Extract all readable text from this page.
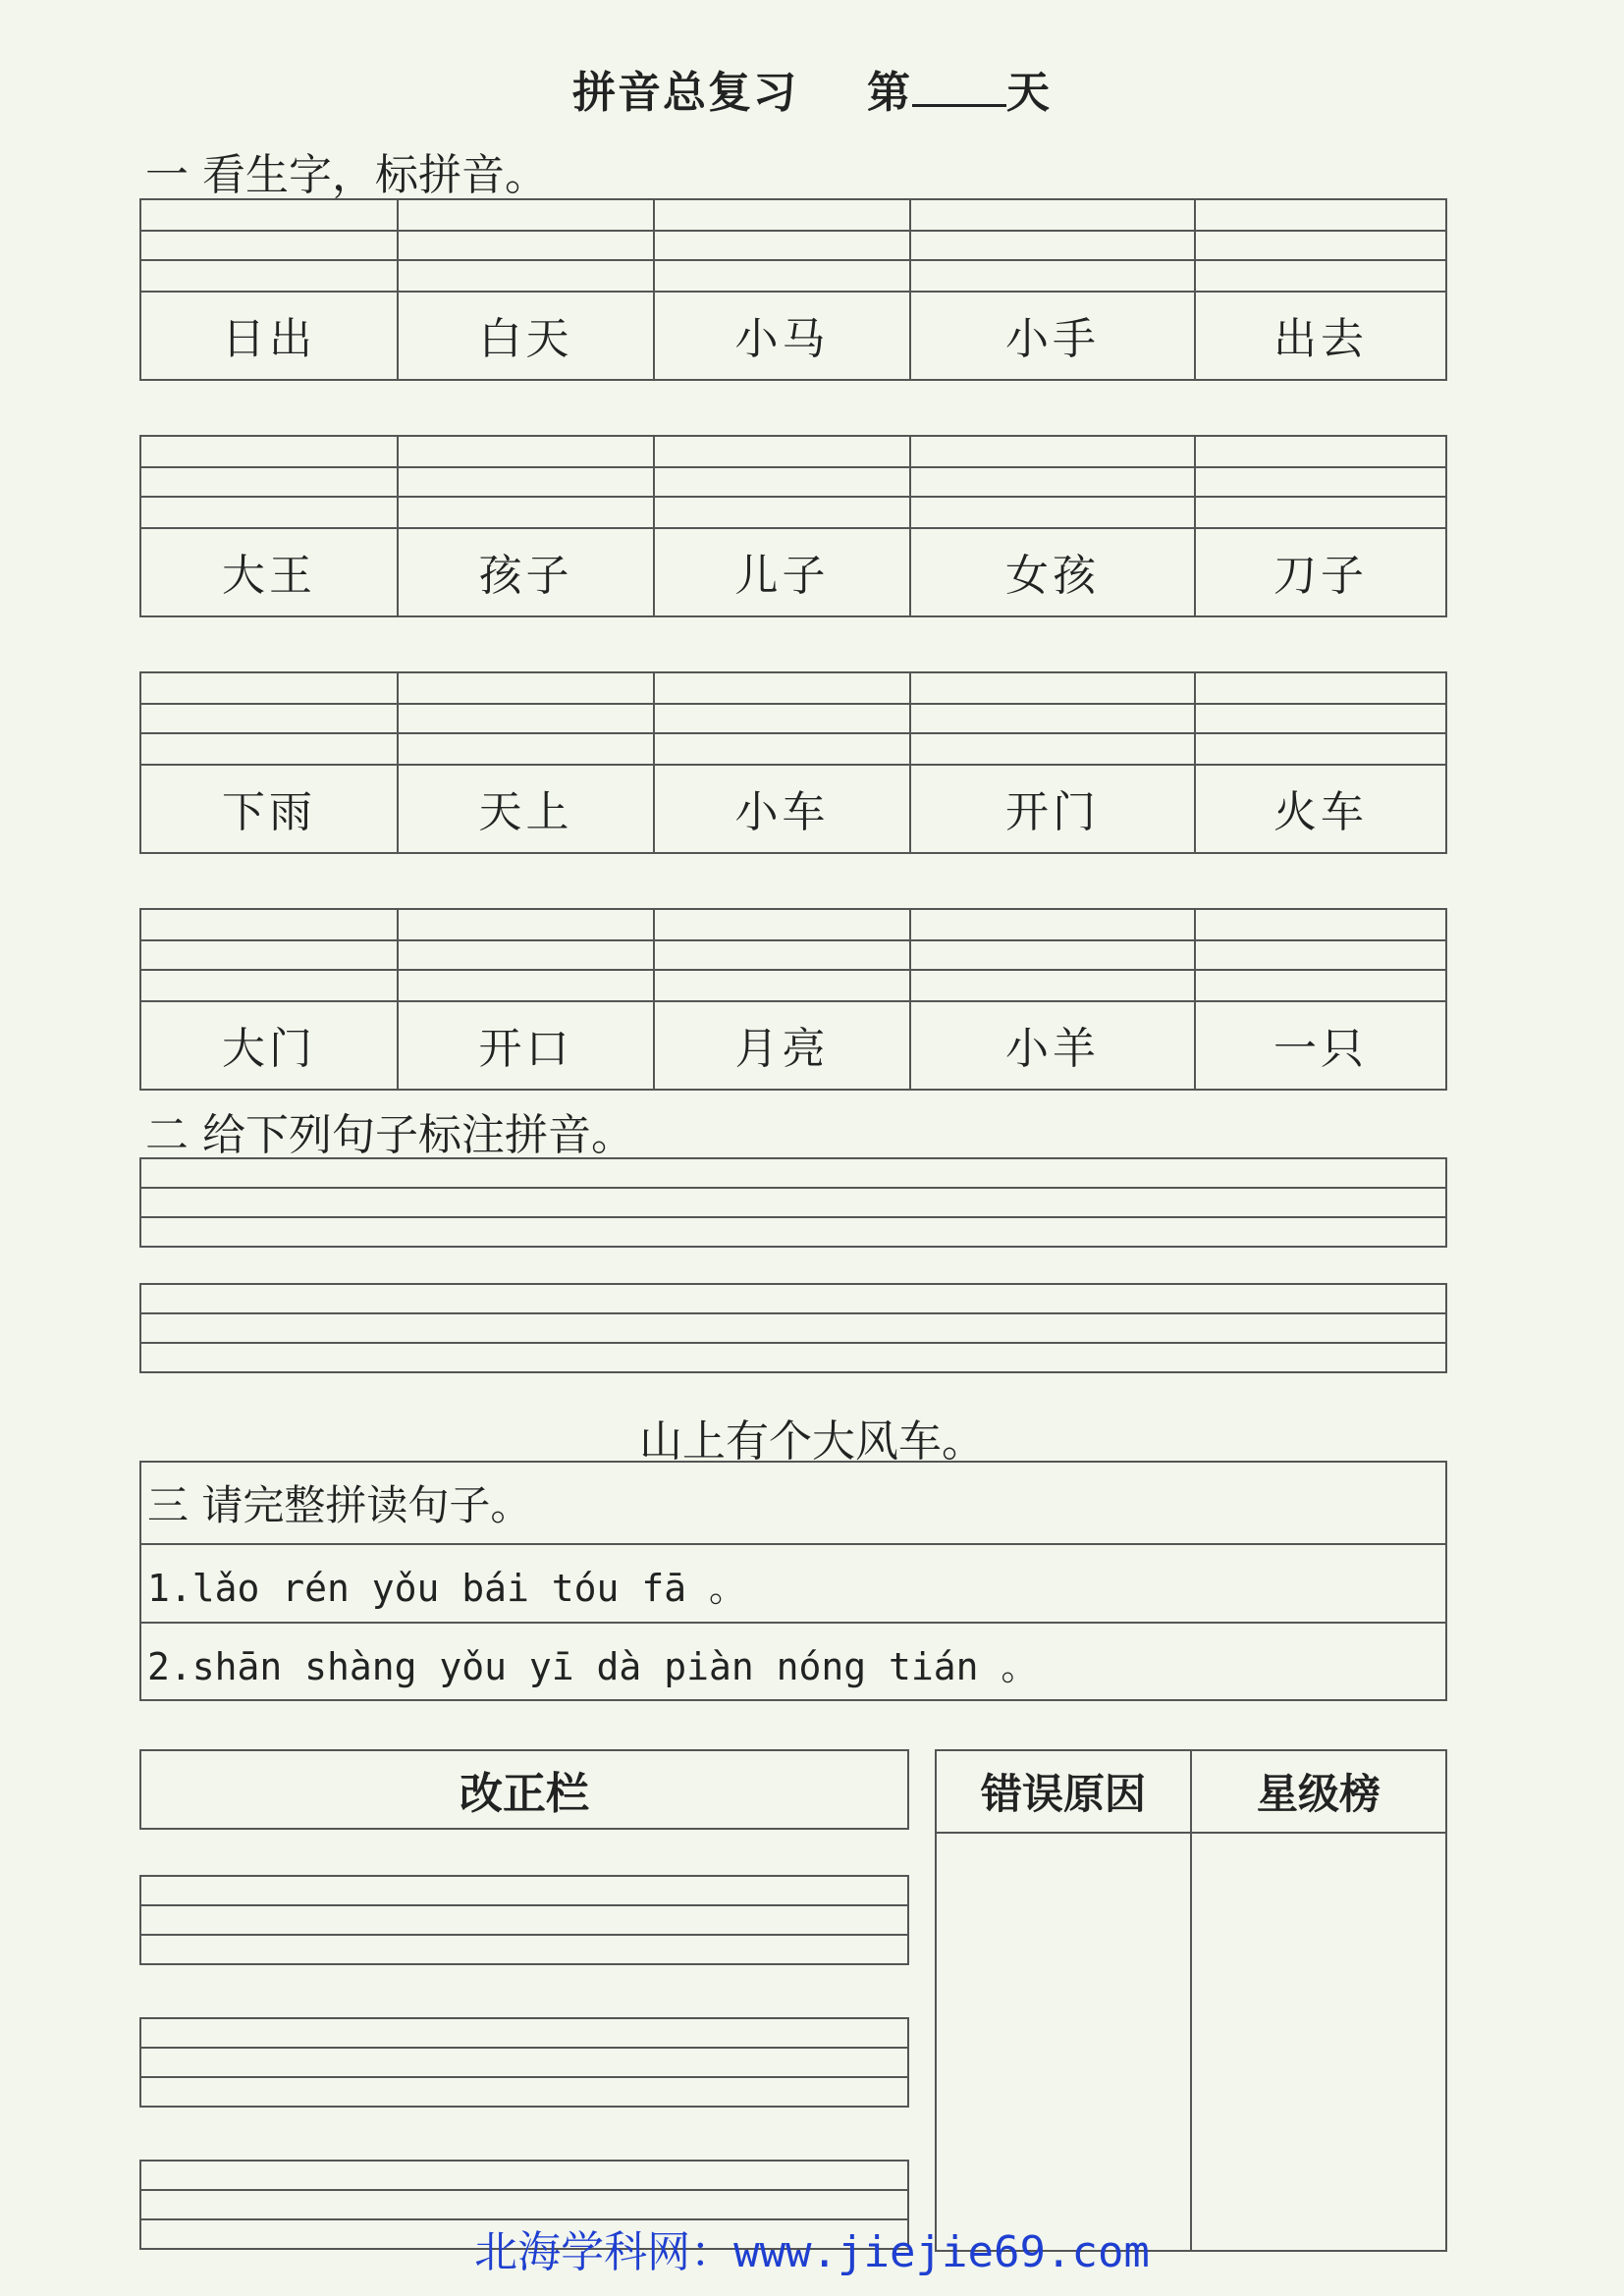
拼音总复习 第 天
一 看生字，标拼音。
日出	白天	小马	小手	出去
大王	孩子	儿子	女孩	刀子
下雨	天上	小车	开门	火车
大门	开口	月亮	小羊	一只
二 给下列句子标注拼音。
山上有个大风车。
三 请完整拼读句子。
1.lǎo rén yǒu bái tóu fā 。
2.shān shàng yǒu yī dà piàn nóng tián 。
改正栏	错误原因	星级榜
北海学科网：www.jiejie69.com
